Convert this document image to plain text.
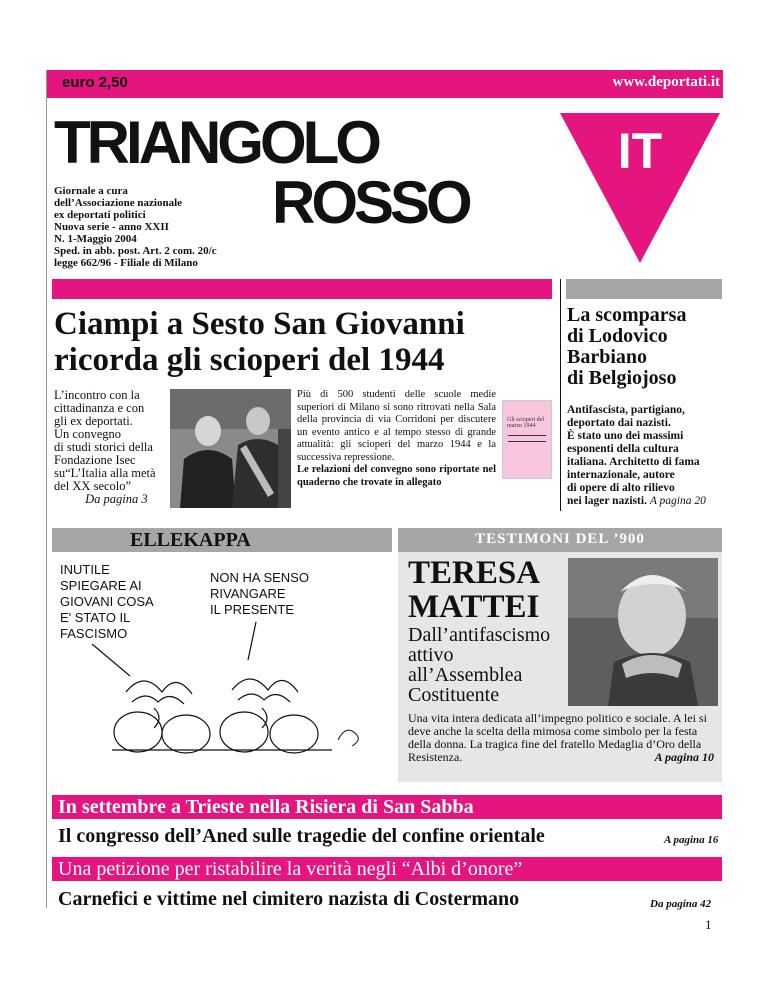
euro 2,50	www.deportati.it
TRIANGOLO
ROSSO
Giornale a cura
dell’Associazione nazionale
ex deportati politici
Nuova serie - anno XXII
N. 1-Maggio 2004
Sped. in abb. post. Art. 2 com. 20/c
legge 662/96 - Filiale di Milano
IT
Ciampi a Sesto San Giovanni
ricorda gli scioperi del 1944
L’incontro con la
cittadinanza e con
gli ex deportati.
Un convegno
di studi storici della
Fondazione Isec
su“L’Italia alla metà
del XX secolo”
Da pagina 3
Più di 500 studenti delle scuole medie superiori di Milano si sono ritrovati nella Sala della provincia di via Corridoni per discutere un evento antico e al tempo stesso di grande attualità: gli scioperi del marzo 1944 e la successiva repressione.
Le relazioni del convegno sono riportate nel quaderno che trovate in allegato
Gli scioperi del marzo 1944
La scomparsa
di Lodovico
Barbiano
di Belgiojoso
Antifascista, partigiano,
deportato dai nazisti.
È stato uno dei massimi
esponenti della cultura
italiana. Architetto di fama
internazionale, autore
di opere di alto rilievo
nei lager nazisti. A pagina 20
ELLEKAPPA
INUTILE
SPIEGARE AI
GIOVANI COSA
E' STATO IL
FASCISMO
NON HA SENSO
RIVANGARE
IL PRESENTE
TESTIMONI DEL ’900
TERESA
MATTEI
Dall’antifascismo
attivo
all’Assemblea
Costituente
Una vita intera dedicata all’impegno politico e sociale. A lei si deve anche la scelta della mimosa come simbolo per la festa della donna. La tragica fine del fratello Medaglia d’Oro della Resistenza.	A pagina 10
In settembre a Trieste nella Risiera di San Sabba
Il congresso dell’Aned sulle tragedie del confine orientale	A pagina 16
Una petizione per ristabilire la verità negli “Albi d’onore”
Carnefici e vittime nel cimitero nazista di Costermano	Da pagina 42
1
